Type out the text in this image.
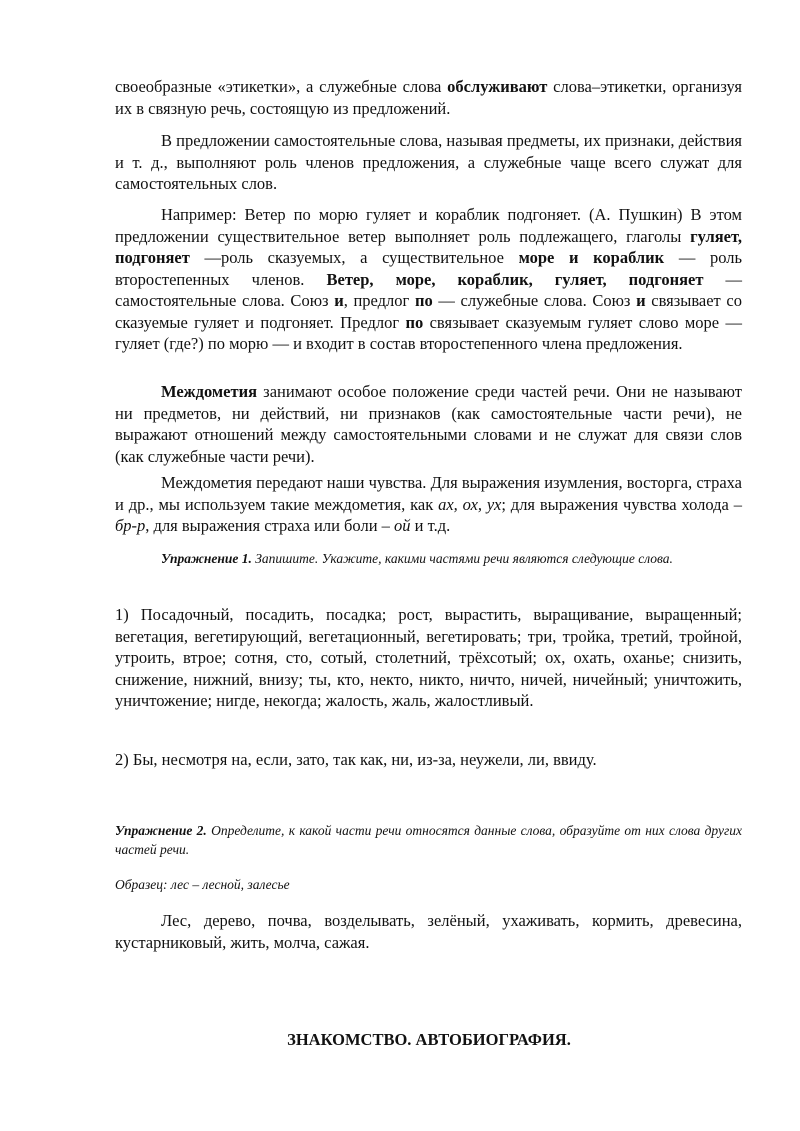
своеобразные «этикетки», а служебные слова обслуживают слова–этикетки, организуя их в связную речь, состоящую из предложений.

В предложении самостоятельные слова, называя предметы, их признаки, действия и т. д., выполняют роль членов предложения, а служебные чаще всего служат для самостоятельных слов.

Например: Ветер по морю гуляет и кораблик подгоняет. (А. Пушкин) В этом предложении существительное ветер выполняет роль подлежащего, глаголы гуляет, подгоняет —роль сказуемых, а существительное море и кораблик — роль второстепенных членов. Ветер, море, кораблик, гуляет, подгоняет — самостоятельные слова. Союз и, предлог по — служебные слова. Союз и связывает со сказуемые гуляет и подгоняет. Предлог по связывает сказуемым гуляет слово море — гуляет (где?) по морю — и входит в состав второстепенного члена предложения.

Междометия занимают особое положение среди частей речи. Они не называют ни предметов, ни действий, ни признаков (как самостоятельные части речи), не выражают отношений между самостоятельными словами и не служат для связи слов (как служебные части речи).

Междометия передают наши чувства. Для выражения изумления, восторга, страха и др., мы используем такие междометия, как ах, ох, ух; для выражения чувства холода – бр-р, для выражения страха или боли – ой и т.д.

Упражнение 1. Запишите. Укажите, какими частями речи являются следующие слова.

1) Посадочный, посадить, посадка; рост, вырастить, выращивание, выращенный; вегетация, вегетирующий, вегетационный, вегетировать; три, тройка, третий, тройной, утроить, втрое; сотня, сто, сотый, столетний, трёхсотый; ох, охать, оханье; снизить, снижение, нижний, внизу; ты, кто, некто, никто, ничто, ничей, ничейный; уничтожить, уничтожение; нигде, некогда; жалость, жаль, жалостливый.

2) Бы, несмотря на, если, зато, так как, ни, из-за, неужели, ли, ввиду.

Упражнение 2. Определите, к какой части речи относятся данные слова, образуйте от них слова других частей речи.

Образец: лес – лесной, залесье

Лес, дерево, почва, возделывать, зелёный, ухаживать, кормить, древесина, кустарниковый, жить, молча, сажая.

ЗНАКОМСТВО. АВТОБИОГРАФИЯ.
